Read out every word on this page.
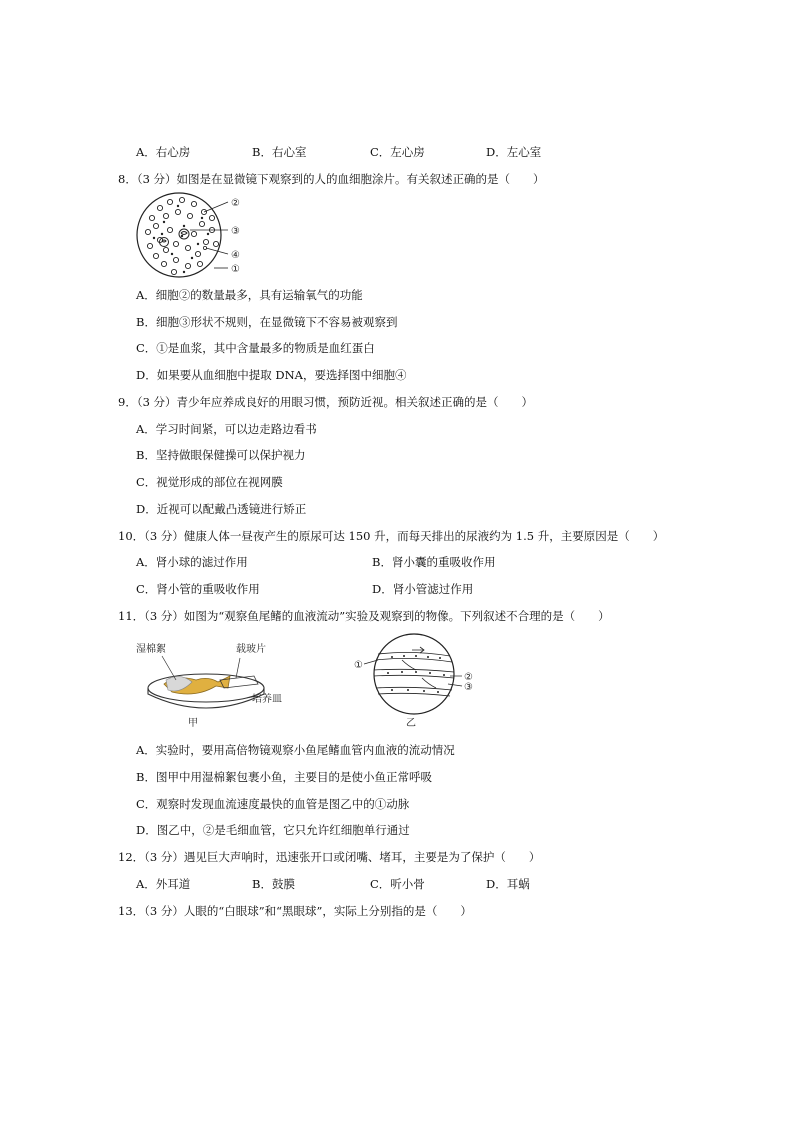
A．右心房	B．右心室	C．左心房	D．左心室
8．（3 分）如图是在显微镜下观察到的人的血细胞涂片。有关叙述正确的是（　　）
②
③
④
①
A．细胞②的数量最多，具有运输氧气的功能
B．细胞③形状不规则，在显微镜下不容易被观察到
C．①是血浆，其中含量最多的物质是血红蛋白
D．如果要从血细胞中提取 DNA，要选择图中细胞④
9．（3 分）青少年应养成良好的用眼习惯，预防近视。相关叙述正确的是（　　）
A．学习时间紧，可以边走路边看书
B．坚持做眼保健操可以保护视力
C．视觉形成的部位在视网膜
D．近视可以配戴凸透镜进行矫正
10．（3 分）健康人体一昼夜产生的原尿可达 150 升，而每天排出的尿液约为 1.5 升，主要原因是（　　）
A．肾小球的滤过作用	B．肾小囊的重吸收作用
C．肾小管的重吸收作用	D．肾小管滤过作用
11．（3 分）如图为“观察鱼尾鳍的血液流动”实验及观察到的物像。下列叙述不合理的是（　　）
湿棉絮	载玻片
培养皿
甲
①
②
③
乙
A．实验时，要用高倍物镜观察小鱼尾鳍血管内血液的流动情况
B．图甲中用湿棉絮包裹小鱼，主要目的是使小鱼正常呼吸
C．观察时发现血流速度最快的血管是图乙中的①动脉
D．图乙中，②是毛细血管，它只允许红细胞单行通过
12．（3 分）遇见巨大声响时，迅速张开口或闭嘴、堵耳，主要是为了保护（　　）
A．外耳道	B．鼓膜	C．听小骨	D．耳蜗
13．（3 分）人眼的“白眼球”和“黑眼球”，实际上分别指的是（　　）
